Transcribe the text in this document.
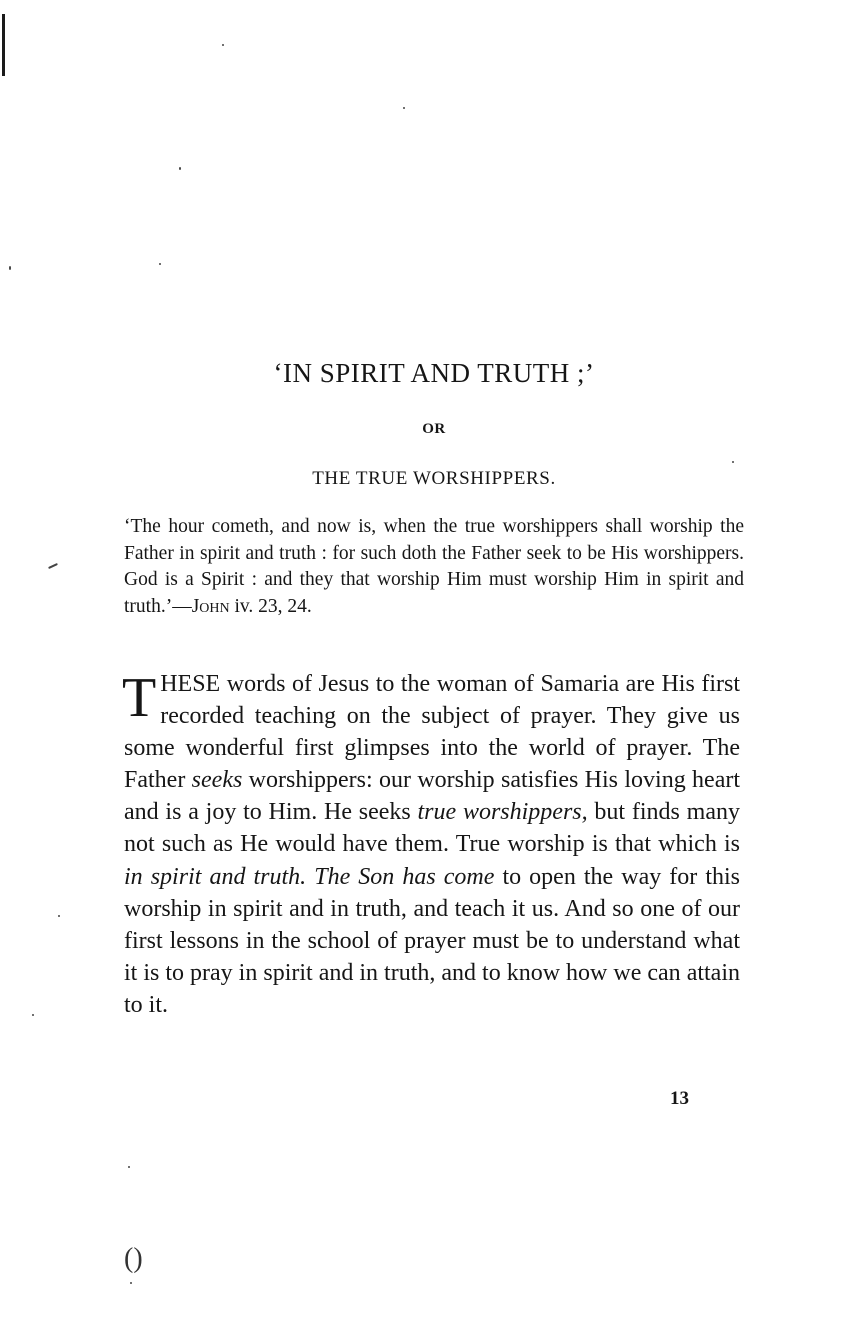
‘IN SPIRIT AND TRUTH ;’
OR
THE TRUE WORSHIPPERS.
‘The hour cometh, and now is, when the true worshippers shall worship the Father in spirit and truth : for such doth the Father seek to be His worshippers. God is a Spirit : and they that worship Him must worship Him in spirit and truth.’—John iv. 23, 24.
THESE words of Jesus to the woman of Samaria are His first recorded teaching on the subject of prayer. They give us some wonderful first glimpses into the world of prayer. The Father seeks worshippers: our worship satisfies His loving heart and is a joy to Him. He seeks true worshippers, but finds many not such as He would have them. True worship is that which is in spirit and truth. The Son has come to open the way for this worship in spirit and in truth, and teach it us. And so one of our first lessons in the school of prayer must be to understand what it is to pray in spirit and in truth, and to know how we can attain to it.
13
()
